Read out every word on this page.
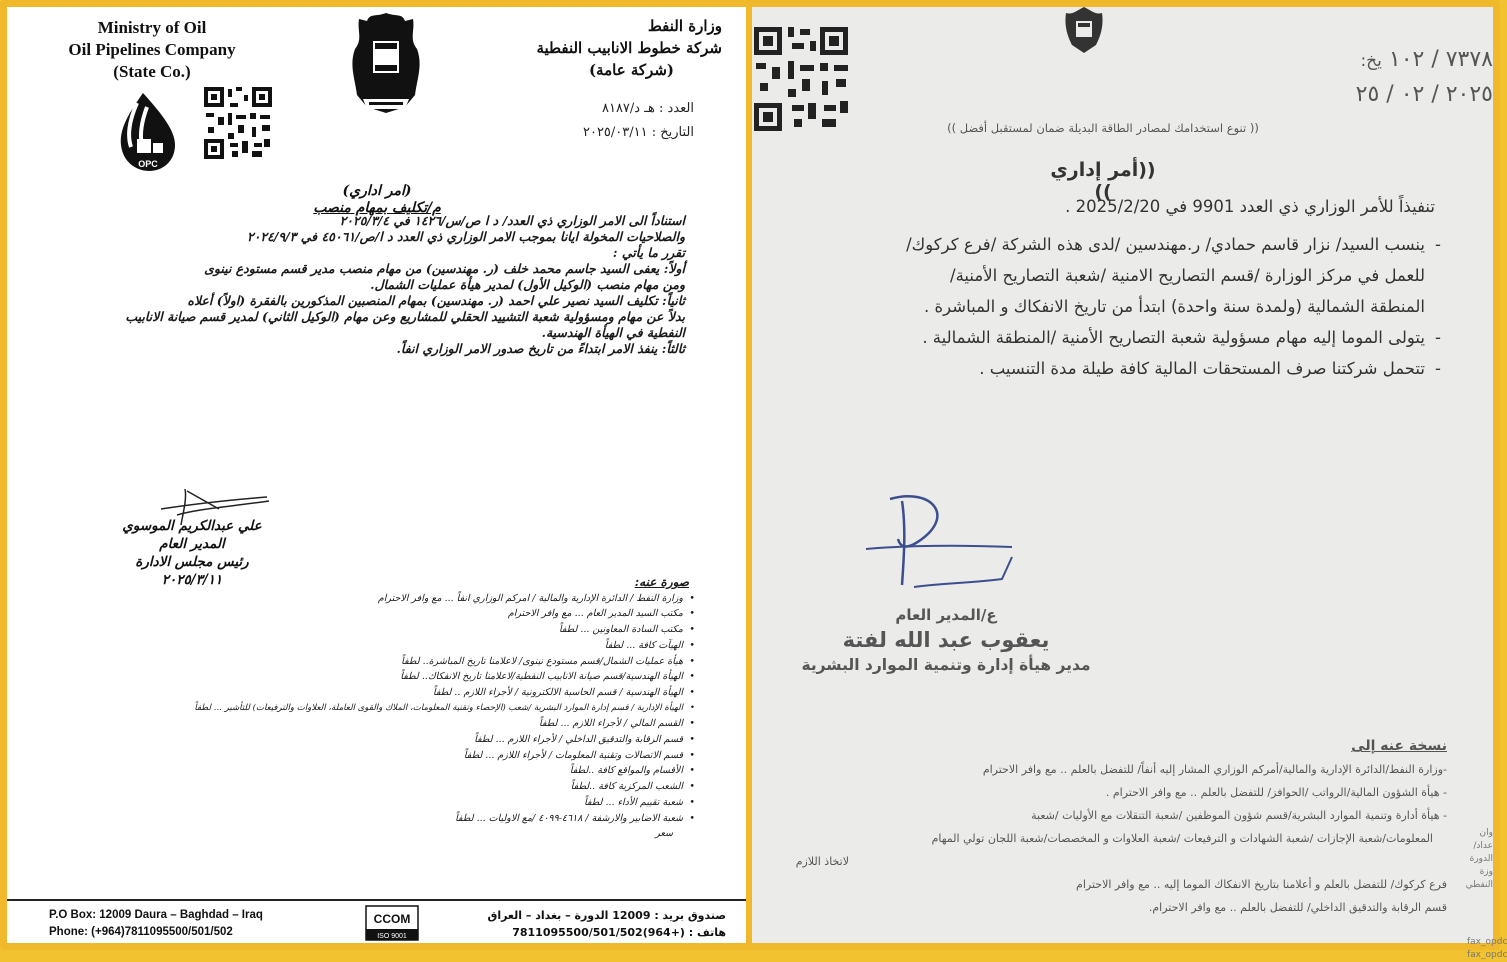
Ministry of Oil
Oil Pipelines Company
(State Co.)
وزارة النفط
شركة خطوط الانابيب النفطية
(شركة عامة)
OPC
العدد : هـ د/٨١٨٧
التاريخ : ٢٠٢٥/٠٣/١١
(امر اداري)
م/تكليف بمهام منصب

استناداً الى الامر الوزاري ذي العدد/ د ا ص/س/١٤٢٦ في ٢٠٢٥/٣/٤

والصلاحيات المخولة ايانا بموجب الامر الوزاري ذي العدد د ا/ص/٤٥٠٦١ في ٢٠٢٤/٩/٣

تقرر ما يأتي :

أولاً: يعفى السيد جاسم محمد خلف (ر. مهندسين) من مهام منصب مدير قسم مستودع نينوى

ومن مهام منصب (الوكيل الأول) لمدير هيأة عمليات الشمال.

ثانياً: تكليف السيد نصير علي احمد (ر. مهندسين) بمهام المنصبين المذكورين بالفقرة (اولاً) أعلاه

بدلاً عن مهام ومسؤولية شعبة التشييد الحقلي للمشاريع وعن مهام (الوكيل الثاني) لمدير قسم صيانة الانابيب

النفطية في الهيأة الهندسية.

ثالثاً: ينفذ الامر ابتداءً من تاريخ صدور الامر الوزاري انفاً.

علي عبدالكريم الموسوي
المدير العام
رئيس مجلس الادارة
٢٠٢٥/٣/١١	صورة عنه:
• وزارة النفط / الدائرة الإدارية والمالية / امركم الوزاري انفاً ... مع وافر الاحترام
• مكتب السيد المدير العام ... مع وافر الاحترام
• مكتب السادة المعاونين ... لطفاً
• الهيآت كافة ... لطفاً
• هيأة عمليات الشمال/قسم مستودع نينوى/ لاعلامنا تاريخ المباشرة.. لطفاً
• الهيأة الهندسية/قسم صيانة الانابيب النفطية/لاعلامنا تاريخ الانفكاك.. لطفاً
• الهيأة الهندسية / قسم الحاسبة الالكترونية / لأجراء اللازم .. لطفاً
• الهيأة الإدارية / قسم إدارة الموارد البشرية /شعب (الإحصاء وتقنية المعلومات، الملاك والقوى العاملة، العلاوات والترفيعات) للتأشير ... لطفاً
• القسم المالي / لأجراء اللازم ... لطفاً
• قسم الرقابة والتدقيق الداخلي / لأجراء اللازم ... لطفاً
• قسم الاتصالات وتقنية المعلومات / لأجراء اللازم ... لطفاً
• الأقسام والمواقع كافة ..لطفاً
• الشعب المركزية كافة ..لطفاً
• شعبة تقييم الأداء ... لطفاً
• شعبة الاضابير والارشفة / ٤٦١٨-٤٠٩٩ /مع الاوليات ... لطفاً
سعر
P.O Box: 12009 Daura – Baghdad – Iraq
Phone: (+964)7811095500/501/502
CCOM
ISO 9001
صندوق بريد : 12009 الدورة – بغداد – العراق
هاتف : (+964)7811095500/501/502
٧٣٧٨ / ١٠٢ يخ:
٢٠٢٥ / ٠٢ / ٢٥
(( تنوع استخدامك لمصادر الطاقة البديلة ضمان لمستقبل أفضل ))
((أمر إداري ))
تنفيذاً للأمر الوزاري ذي العدد 9901 في 2025/2/20 .
- ينسب السيد/ نزار قاسم حمادي/ ر.مهندسين /لدى هذه الشركة /فرع كركوك/
للعمل في مركز الوزارة /قسم التصاريح الامنية /شعبة التصاريح الأمنية/
المنطقة الشمالية (ولمدة سنة واحدة) ابتدأ من تاريخ الانفكاك و المباشرة .
- يتولى الموما إليه مهام مسؤولية شعبة التصاريح الأمنية /المنطقة الشمالية .
- تتحمل شركتنا صرف المستحقات المالية كافة طيلة مدة التنسيب .
ع/المدير العام
يعقوب عبد الله لفتة
مدير هيأة إدارة وتنمية الموارد البشرية
نسخة عنه إلى
-وزارة النفط/الدائرة الإدارية والمالية/أمركم الوزاري المشار إليه أنفاً/ للتفضل بالعلم .. مع وافر الاحترام
- هيأة الشؤون المالية/الرواتب /الحوافز/ للتفضل بالعلم .. مع وافر الاحترام .
- هيأة أدارة وتنمية الموارد البشرية/قسم شؤون الموظفين /شعبة التنقلات مع الأوليات /شعبة
المعلومات/شعبة الإجازات /شعبة الشهادات و الترفيعات /شعبة العلاوات و المخصصات/شعبة اللجان تولي المهام
لاتخاذ اللازم
فرع كركوك/ للتفضل بالعلم و أعلامنا بتاريخ الانفكاك الموما إليه .. مع وافر الاحترام
قسم الرقابة والتدقيق الداخلي/ للتفضل بالعلم .. مع وافر الاحترام.
وان
عداد/الدورة
وزة النفطي
fax_opdc
fax_opdc
